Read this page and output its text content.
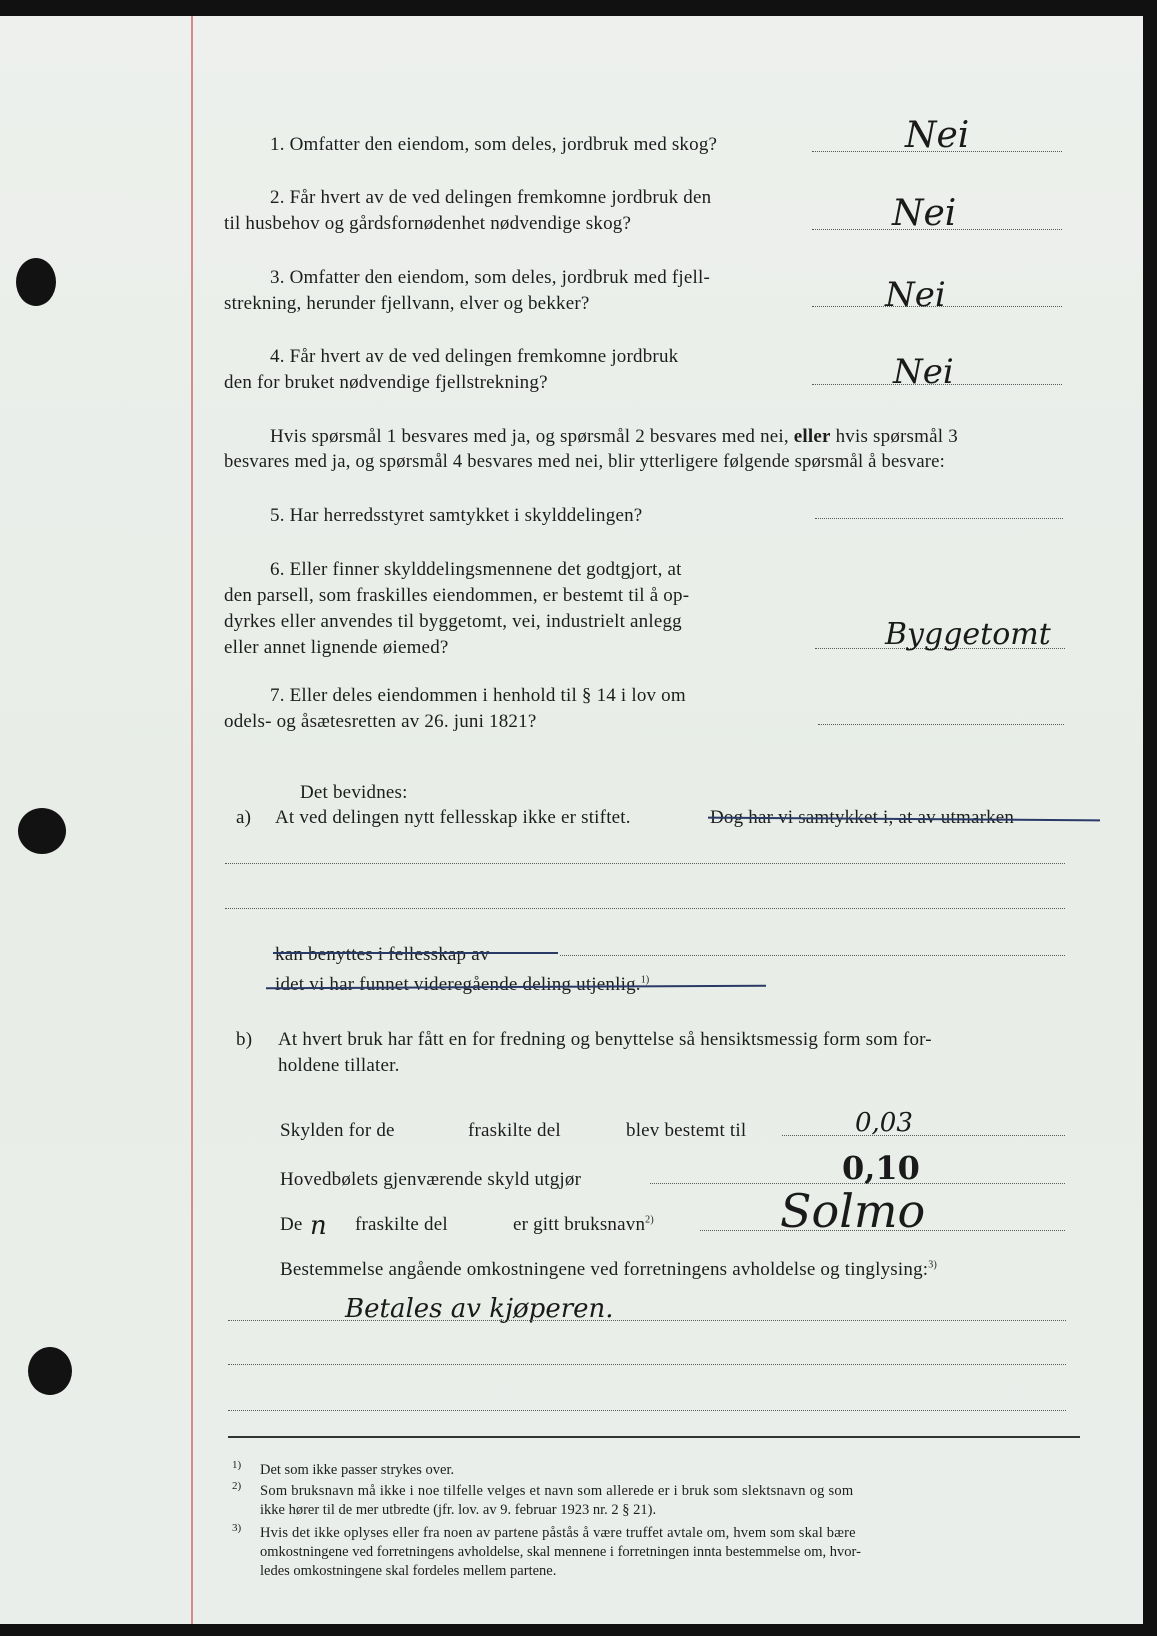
1. Omfatter den eiendom, som deles, jordbruk med skog?	Nei
2. Får hvert av de ved delingen fremkomne jordbruk den
til husbehov og gårdsfornødenhet nødvendige skog?	Nei
3. Omfatter den eiendom, som deles, jordbruk med fjell-
strekning, herunder fjellvann, elver og bekker?	Nei
4. Får hvert av de ved delingen fremkomne jordbruk
den for bruket nødvendige fjellstrekning?	Nei
Hvis spørsmål 1 besvares med ja, og spørsmål 2 besvares med nei, eller hvis spørsmål 3
besvares med ja, og spørsmål 4 besvares med nei, blir ytterligere følgende spørsmål å besvare:
5. Har herredsstyret samtykket i skylddelingen?
6. Eller finner skylddelingsmennene det godtgjort, at
den parsell, som fraskilles eiendommen, er bestemt til å op-
dyrkes eller anvendes til byggetomt, vei, industrielt anlegg
eller annet lignende øiemed?	Byggetomt
7. Eller deles eiendommen i henhold til § 14 i lov om
odels- og åsætesretten av 26. juni 1821?
Det bevidnes:
a) At ved delingen nytt fellesskap ikke er stiftet.	Dog har vi samtykket i, at av utmarken
kan benyttes i fellesskap av
idet vi har funnet videregående deling utjenlig.$^{1)}$
b) At hvert bruk har fått en for fredning og benyttelse så hensiktsmessig form som for-
holdene tillater.
Skylden for de	fraskilte del	blev bestemt til	0,03
Hovedbølets gjenværende skyld utgjør	0,10
De n fraskilte del	er gitt bruksnavn$^{2)}$	Solmo
Bestemmelse angående omkostningene ved forretningens avholdelse og tinglysing:$^{3)}$
Betales av kjøperen.
1) Det som ikke passer strykes over.
2) Som bruksnavn må ikke i noe tilfelle velges et navn som allerede er i bruk som slektsnavn og som
ikke hører til de mer utbredte (jfr. lov. av 9. februar 1923 nr. 2 § 21).
3) Hvis det ikke oplyses eller fra noen av partene påstås å være truffet avtale om, hvem som skal bære
omkostningene ved forretningens avholdelse, skal mennene i forretningen innta bestemmelse om, hvor-
ledes omkostningene skal fordeles mellem partene.
